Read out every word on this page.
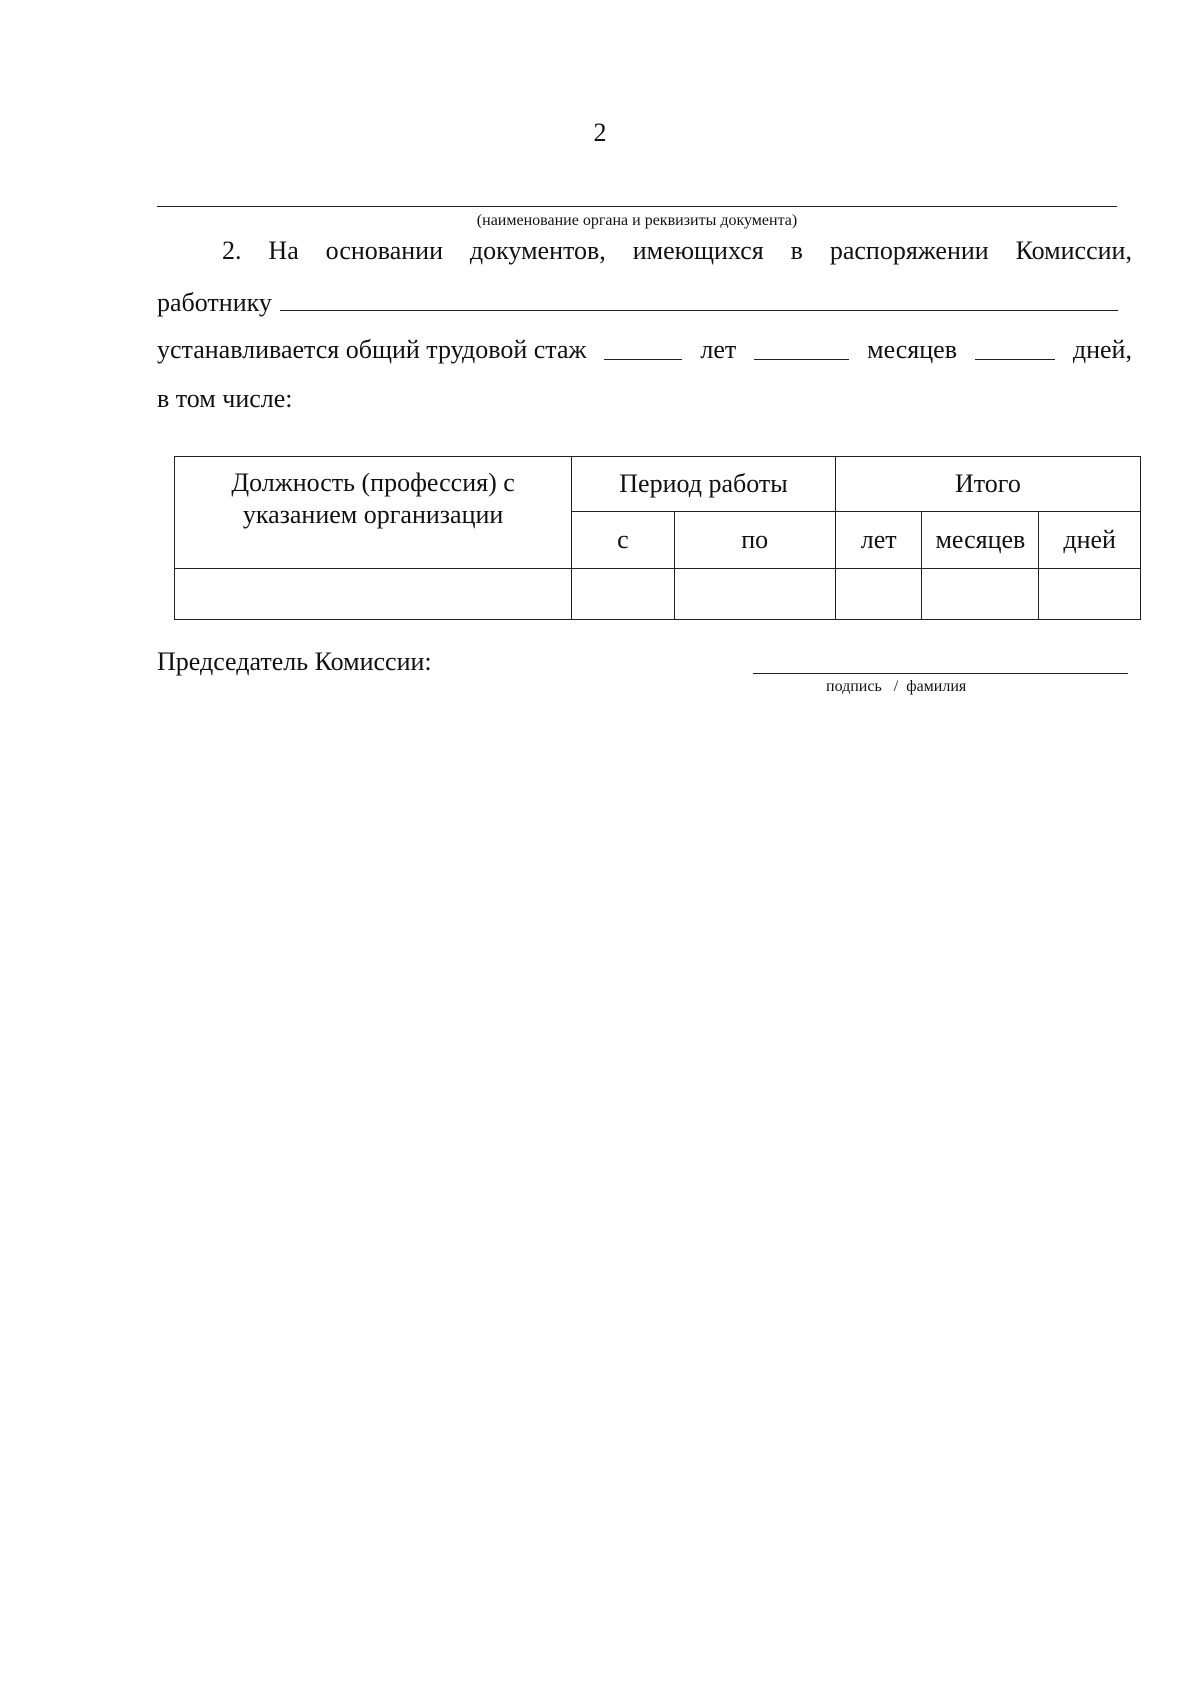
2
(наименование органа и реквизиты документа)
2. На основании документов, имеющихся в распоряжении Комиссии,
работнику
устанавливается общий трудовой стаж	лет	месяцев	дней,
в том числе:
Должность (профессия) с указанием организации	Период работы		Итого		
	с	по	лет	месяцев	дней

Председатель Комиссии:
подпись   /  фамилия
